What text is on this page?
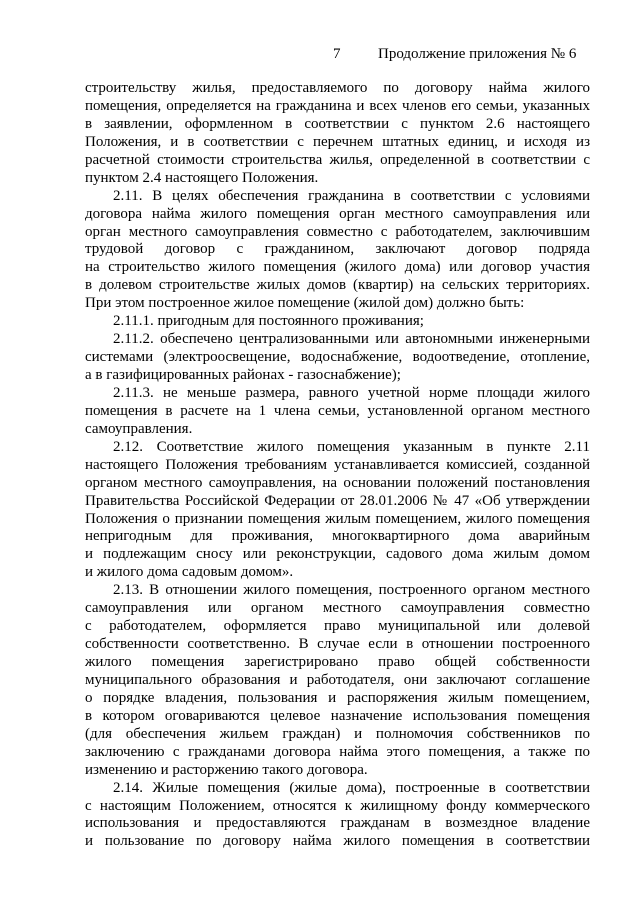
7	Продолжение приложения № 6
строительству жилья, предоставляемого по договору найма жилого
помещения, определяется на гражданина и всех членов его семьи, указанных
в заявлении, оформленном в соответствии с пунктом 2.6 настоящего
Положения, и в соответствии с перечнем штатных единиц, и исходя из
расчетной стоимости строительства жилья, определенной в соответствии с
пунктом 2.4 настоящего Положения.
2.11. В целях обеспечения гражданина в соответствии с условиями
договора найма жилого помещения орган местного самоуправления или
орган местного самоуправления совместно с работодателем, заключившим
трудовой договор с гражданином, заключают договор подряда
на строительство жилого помещения (жилого дома) или договор участия
в долевом строительстве жилых домов (квартир) на сельских территориях.
При этом построенное жилое помещение (жилой дом) должно быть:
2.11.1. пригодным для постоянного проживания;
2.11.2. обеспечено централизованными или автономными инженерными
системами (электроосвещение, водоснабжение, водоотведение, отопление,
а в газифицированных районах - газоснабжение);
2.11.3. не меньше размера, равного учетной норме площади жилого
помещения в расчете на 1 члена семьи, установленной органом местного
самоуправления.
2.12. Соответствие жилого помещения указанным в пункте 2.11
настоящего Положения требованиям устанавливается комиссией, созданной
органом местного самоуправления, на основании положений постановления
Правительства Российской Федерации от 28.01.2006 № 47 «Об утверждении
Положения о признании помещения жилым помещением, жилого помещения
непригодным для проживания, многоквартирного дома аварийным
и подлежащим сносу или реконструкции, садового дома жилым домом
и жилого дома садовым домом».
2.13. В отношении жилого помещения, построенного органом местного
самоуправления или органом местного самоуправления совместно
с работодателем, оформляется право муниципальной или долевой
собственности соответственно. В случае если в отношении построенного
жилого помещения зарегистрировано право общей собственности
муниципального образования и работодателя, они заключают соглашение
о порядке владения, пользования и распоряжения жилым помещением,
в котором оговариваются целевое назначение использования помещения
(для обеспечения жильем граждан) и полномочия собственников по
заключению с гражданами договора найма этого помещения, а также по
изменению и расторжению такого договора.
2.14. Жилые помещения (жилые дома), построенные в соответствии
с настоящим Положением, относятся к жилищному фонду коммерческого
использования и предоставляются гражданам в возмездное владение
и пользование по договору найма жилого помещения в соответствии
